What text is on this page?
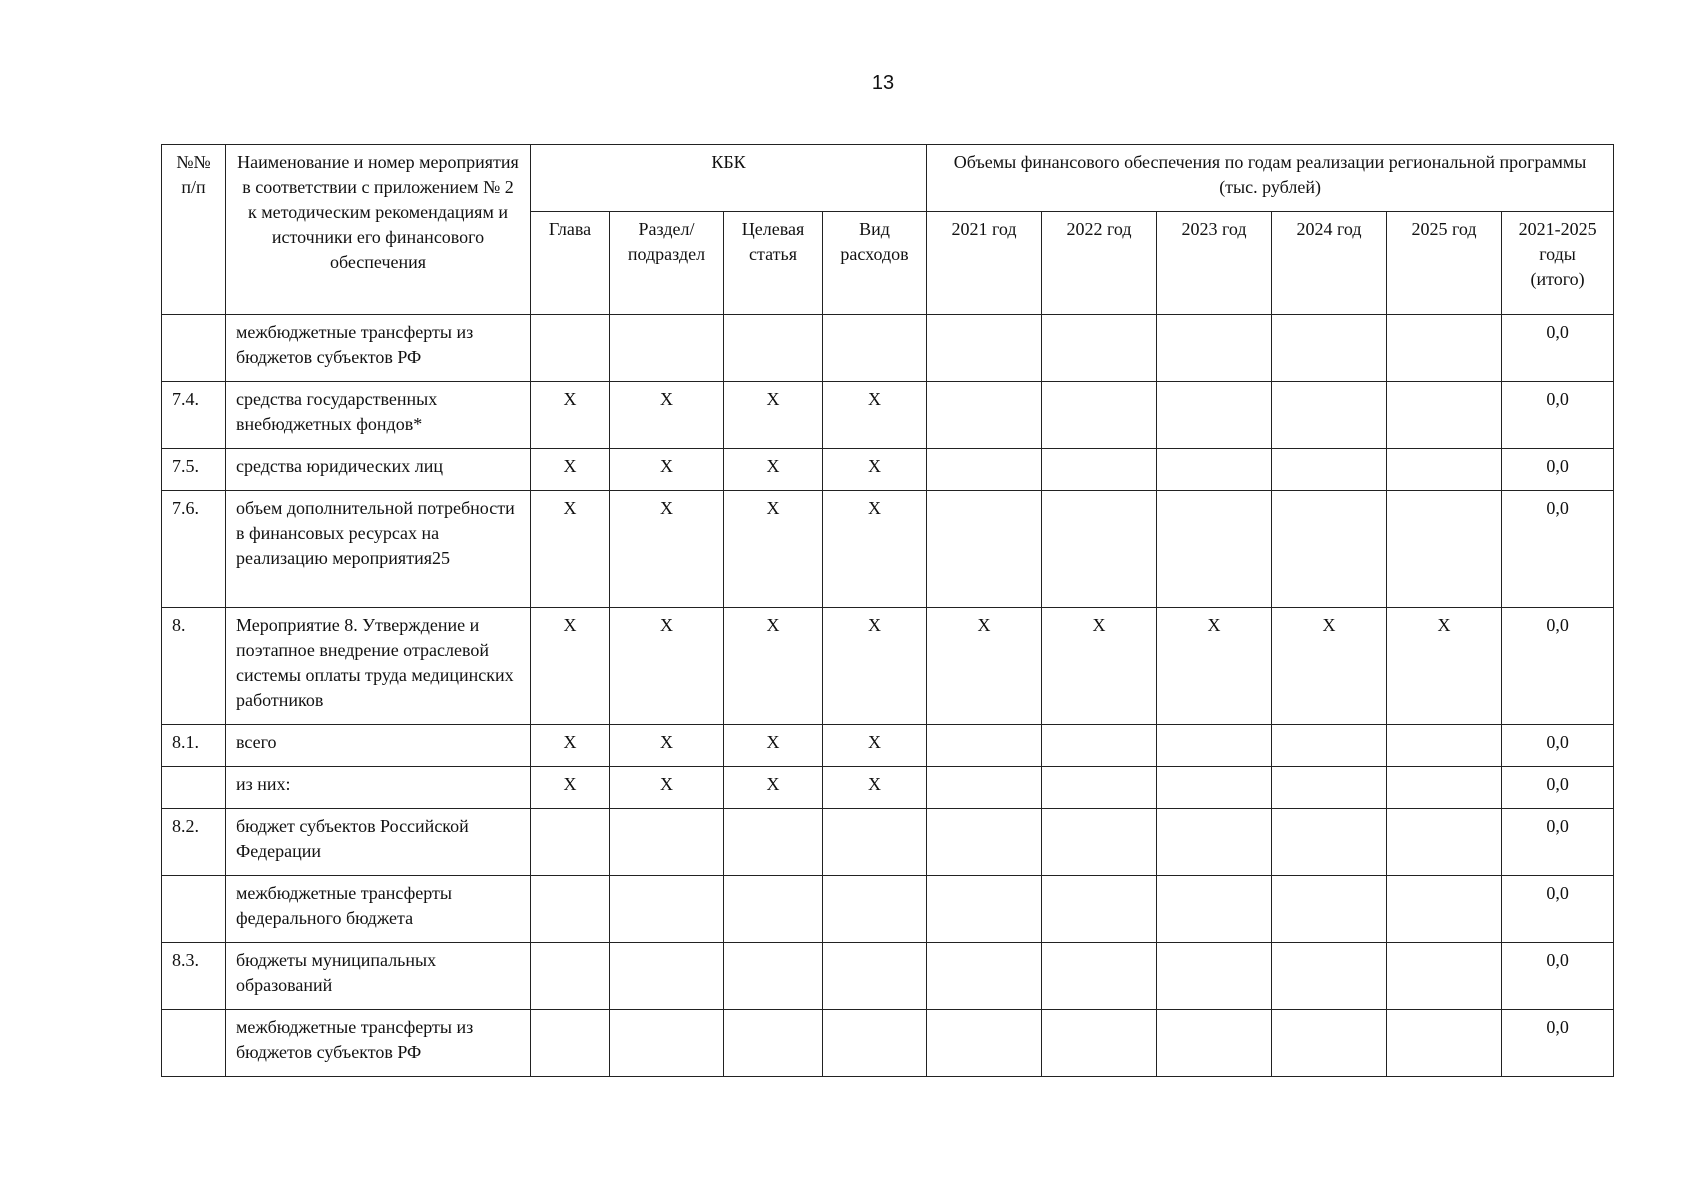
13
№№ п/п	Наименование и номер мероприятия в соответствии с приложением № 2 к методическим рекомендациям и источники его финансового обеспечения	КБК				Объемы финансового обеспечения по годам реализации региональной программы (тыс. рублей)					
		Глава	Раздел/ подраздел	Целевая статья	Вид расходов	2021 год	2022 год	2023 год	2024 год	2025 год	2021-2025 годы (итого)
	межбюджетные трансферты из бюджетов субъектов РФ										0,0
7.4.	средства государственных внебюджетных фондов*	X	X	X	X						0,0
7.5.	средства юридических лиц	X	X	X	X						0,0
7.6.	объем дополнительной потребности в финансовых ресурсах на реализацию мероприятия25	X	X	X	X						0,0
8.	Мероприятие 8. Утверждение и поэтапное внедрение отраслевой системы оплаты труда медицинских работников	X	X	X	X	X	X	X	X	X	0,0
8.1.	всего	X	X	X	X						0,0
	из них:	X	X	X	X						0,0
8.2.	бюджет субъектов Российской Федерации										0,0
	межбюджетные трансферты федерального бюджета										0,0
8.3.	бюджеты муниципальных образований										0,0
	межбюджетные трансферты из бюджетов субъектов РФ										0,0
